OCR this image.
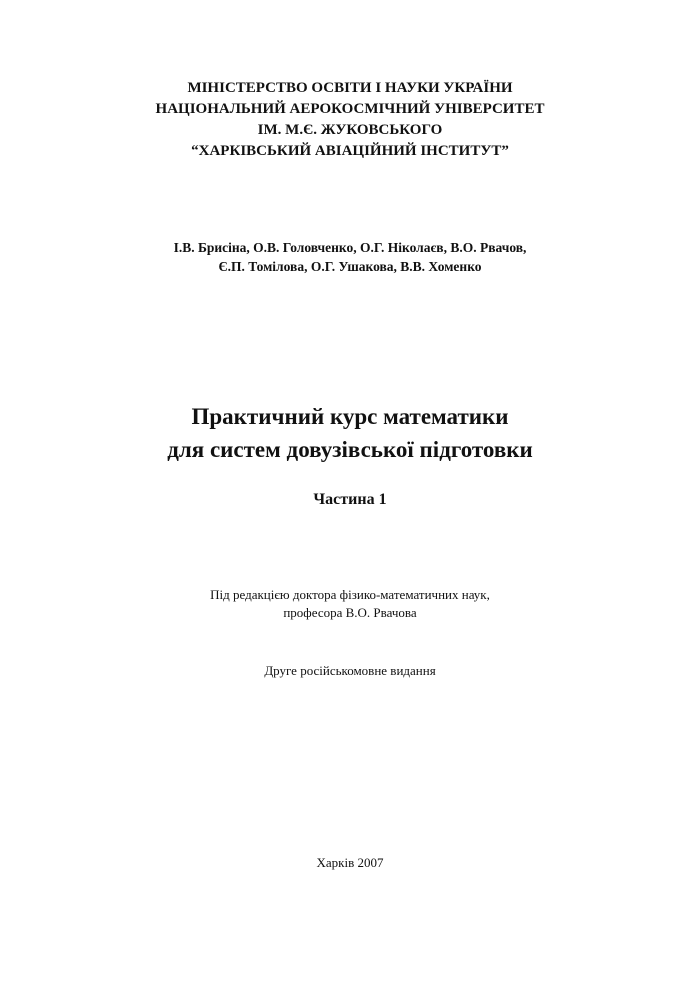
МІНІСТЕРСТВО ОСВІТИ І НАУКИ УКРАЇНИ
НАЦІОНАЛЬНИЙ АЕРОКОСМІЧНИЙ УНІВЕРСИТЕТ
ІМ. М.Є. ЖУКОВСЬКОГО
“ХАРКІВСЬКИЙ АВІАЦІЙНИЙ ІНСТИТУТ”
І.В. Брисіна, О.В. Головченко, О.Г. Ніколаєв, В.О. Рвачов,
Є.П. Томілова, О.Г. Ушакова, В.В. Хоменко
Практичний курс математики
для систем довузівської підготовки
Частина 1
Під редакцією доктора фізико-математичних наук,
професора В.О. Рвачова
Друге російськомовне видання
Харків 2007
